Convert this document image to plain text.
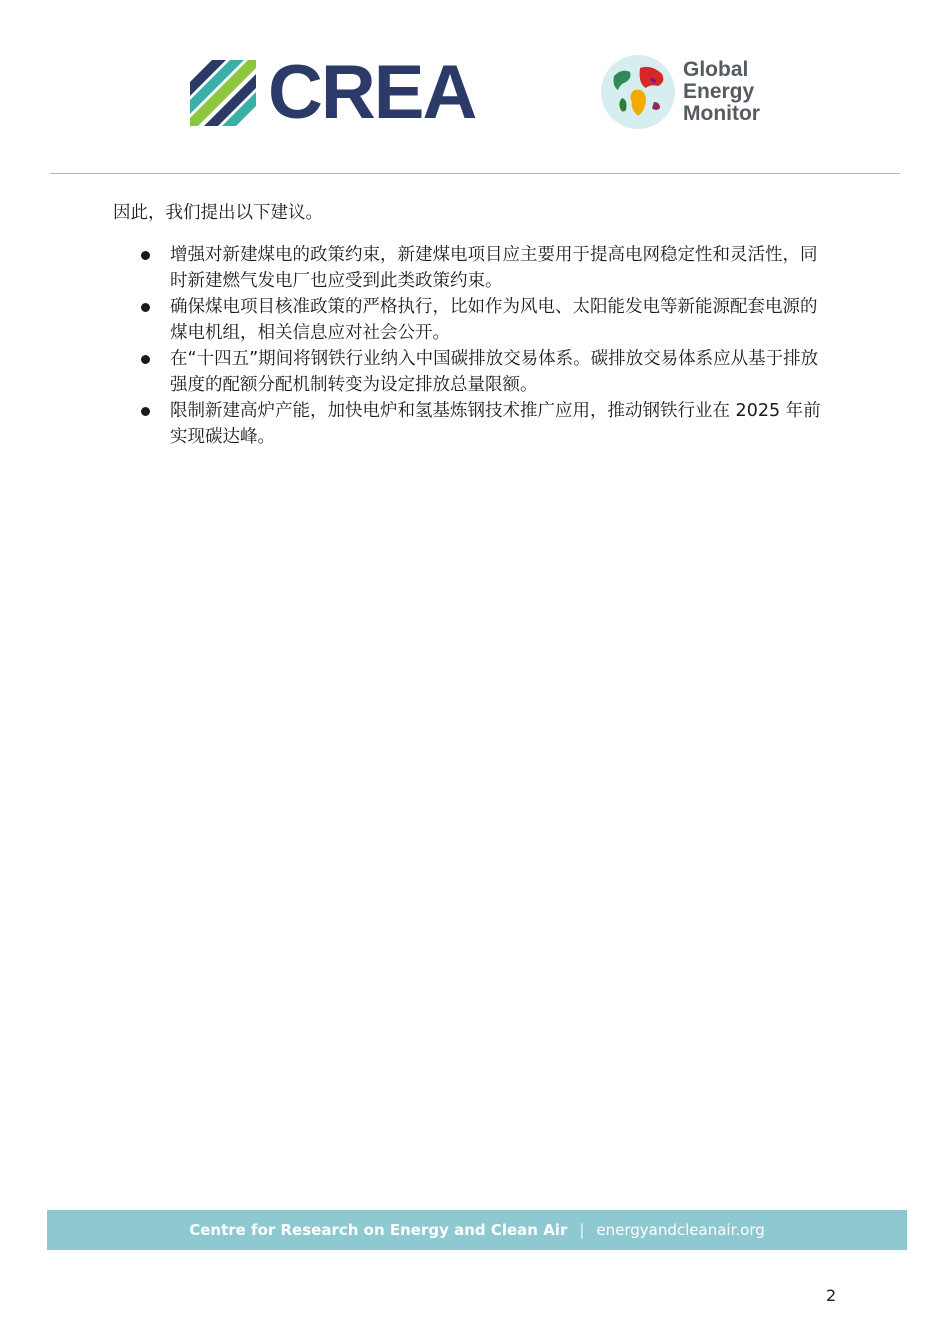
CREA	Global
Energy
Monitor

因此，我们提出以下建议。

增强对新建煤电的政策约束，新建煤电项目应主要用于提高电网稳定性和灵活性，同时新建燃气发电厂也应受到此类政策约束。
确保煤电项目核准政策的严格执行，比如作为风电、太阳能发电等新能源配套电源的煤电机组，相关信息应对社会公开。
在“十四五”期间将钢铁行业纳入中国碳排放交易体系。碳排放交易体系应从基于排放强度的配额分配机制转变为设定排放总量限额。
限制新建高炉产能，加快电炉和氢基炼钢技术推广应用，推动钢铁行业在 2025 年前实现碳达峰。
Centre for Research on Energy and Clean Air | energyandcleanair.org
2
